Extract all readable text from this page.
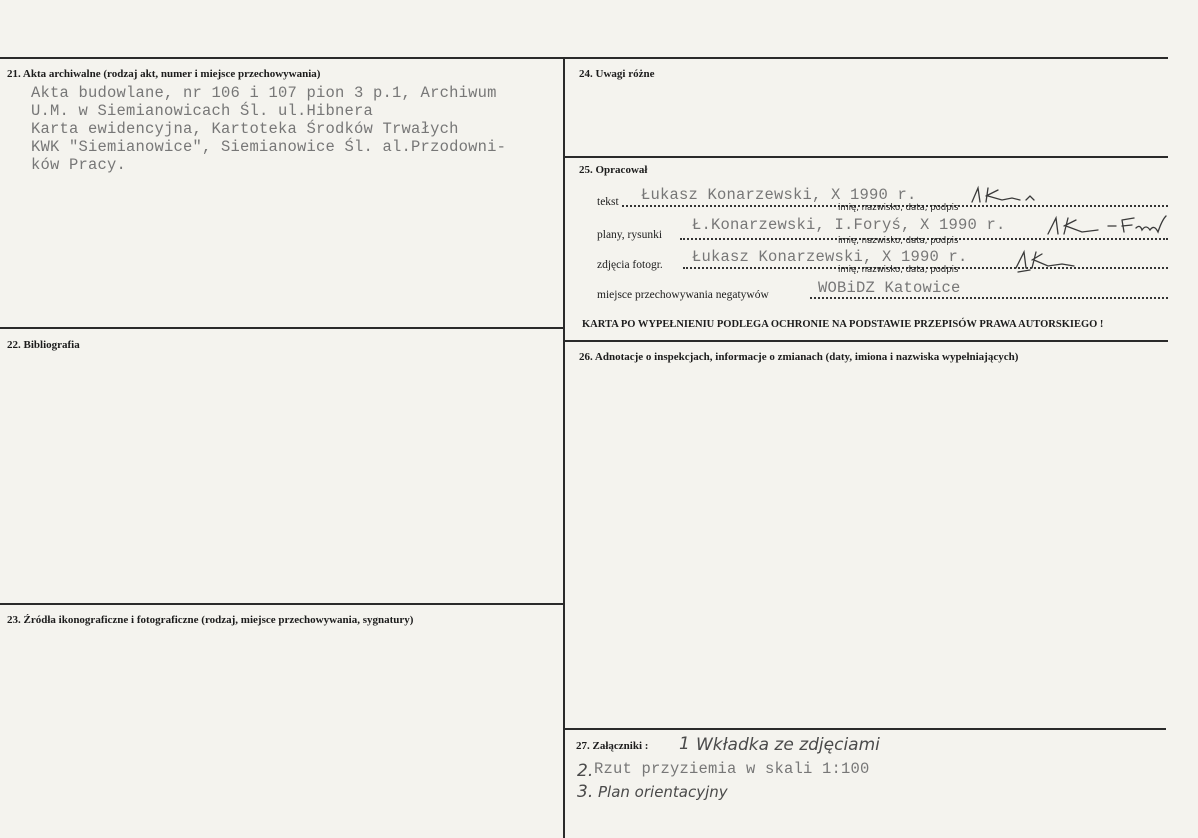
21. Akta archiwalne (rodzaj akt, numer i miejsce przechowywania)
Akta budowlane, nr 106 i 107 pion 3 p.1, Archiwum
U.M. w Siemianowicach Śl. ul.Hibnera
Karta ewidencyjna, Kartoteka Środków Trwałych
KWK "Siemianowice", Siemianowice Śl. al.Przodowni-
ków Pracy.
22. Bibliografia
23. Źródła ikonograficzne i fotograficzne (rodzaj, miejsce przechowywania, sygnatury)
24. Uwagi różne
25. Opracował
tekst Łukasz Konarzewski, X 1990 r.
imię, nazwisko, data, podpis
plany, rysunki
Ł.Konarzewski, I.Foryś, X 1990 r.
imię, nazwisko, data, podpis
zdjęcia fotogr. Łukasz Konarzewski, X 1990 r.
imię, nazwisko, data, podpis
miejsce przechowywania negatywów	WOBiDZ Katowice
KARTA PO WYPEŁNIENIU PODLEGA OCHRONIE NA PODSTAWIE PRZEPISÓW PRAWA AUTORSKIEGO !
26. Adnotacje o inspekcjach, informacje o zmianach (daty, imiona i nazwiska wypełniających)
27. Załączniki : 1 Wkładka ze zdjęciami
2. Rzut przyziemia w skali 1:100
3. Plan orientacyjny
